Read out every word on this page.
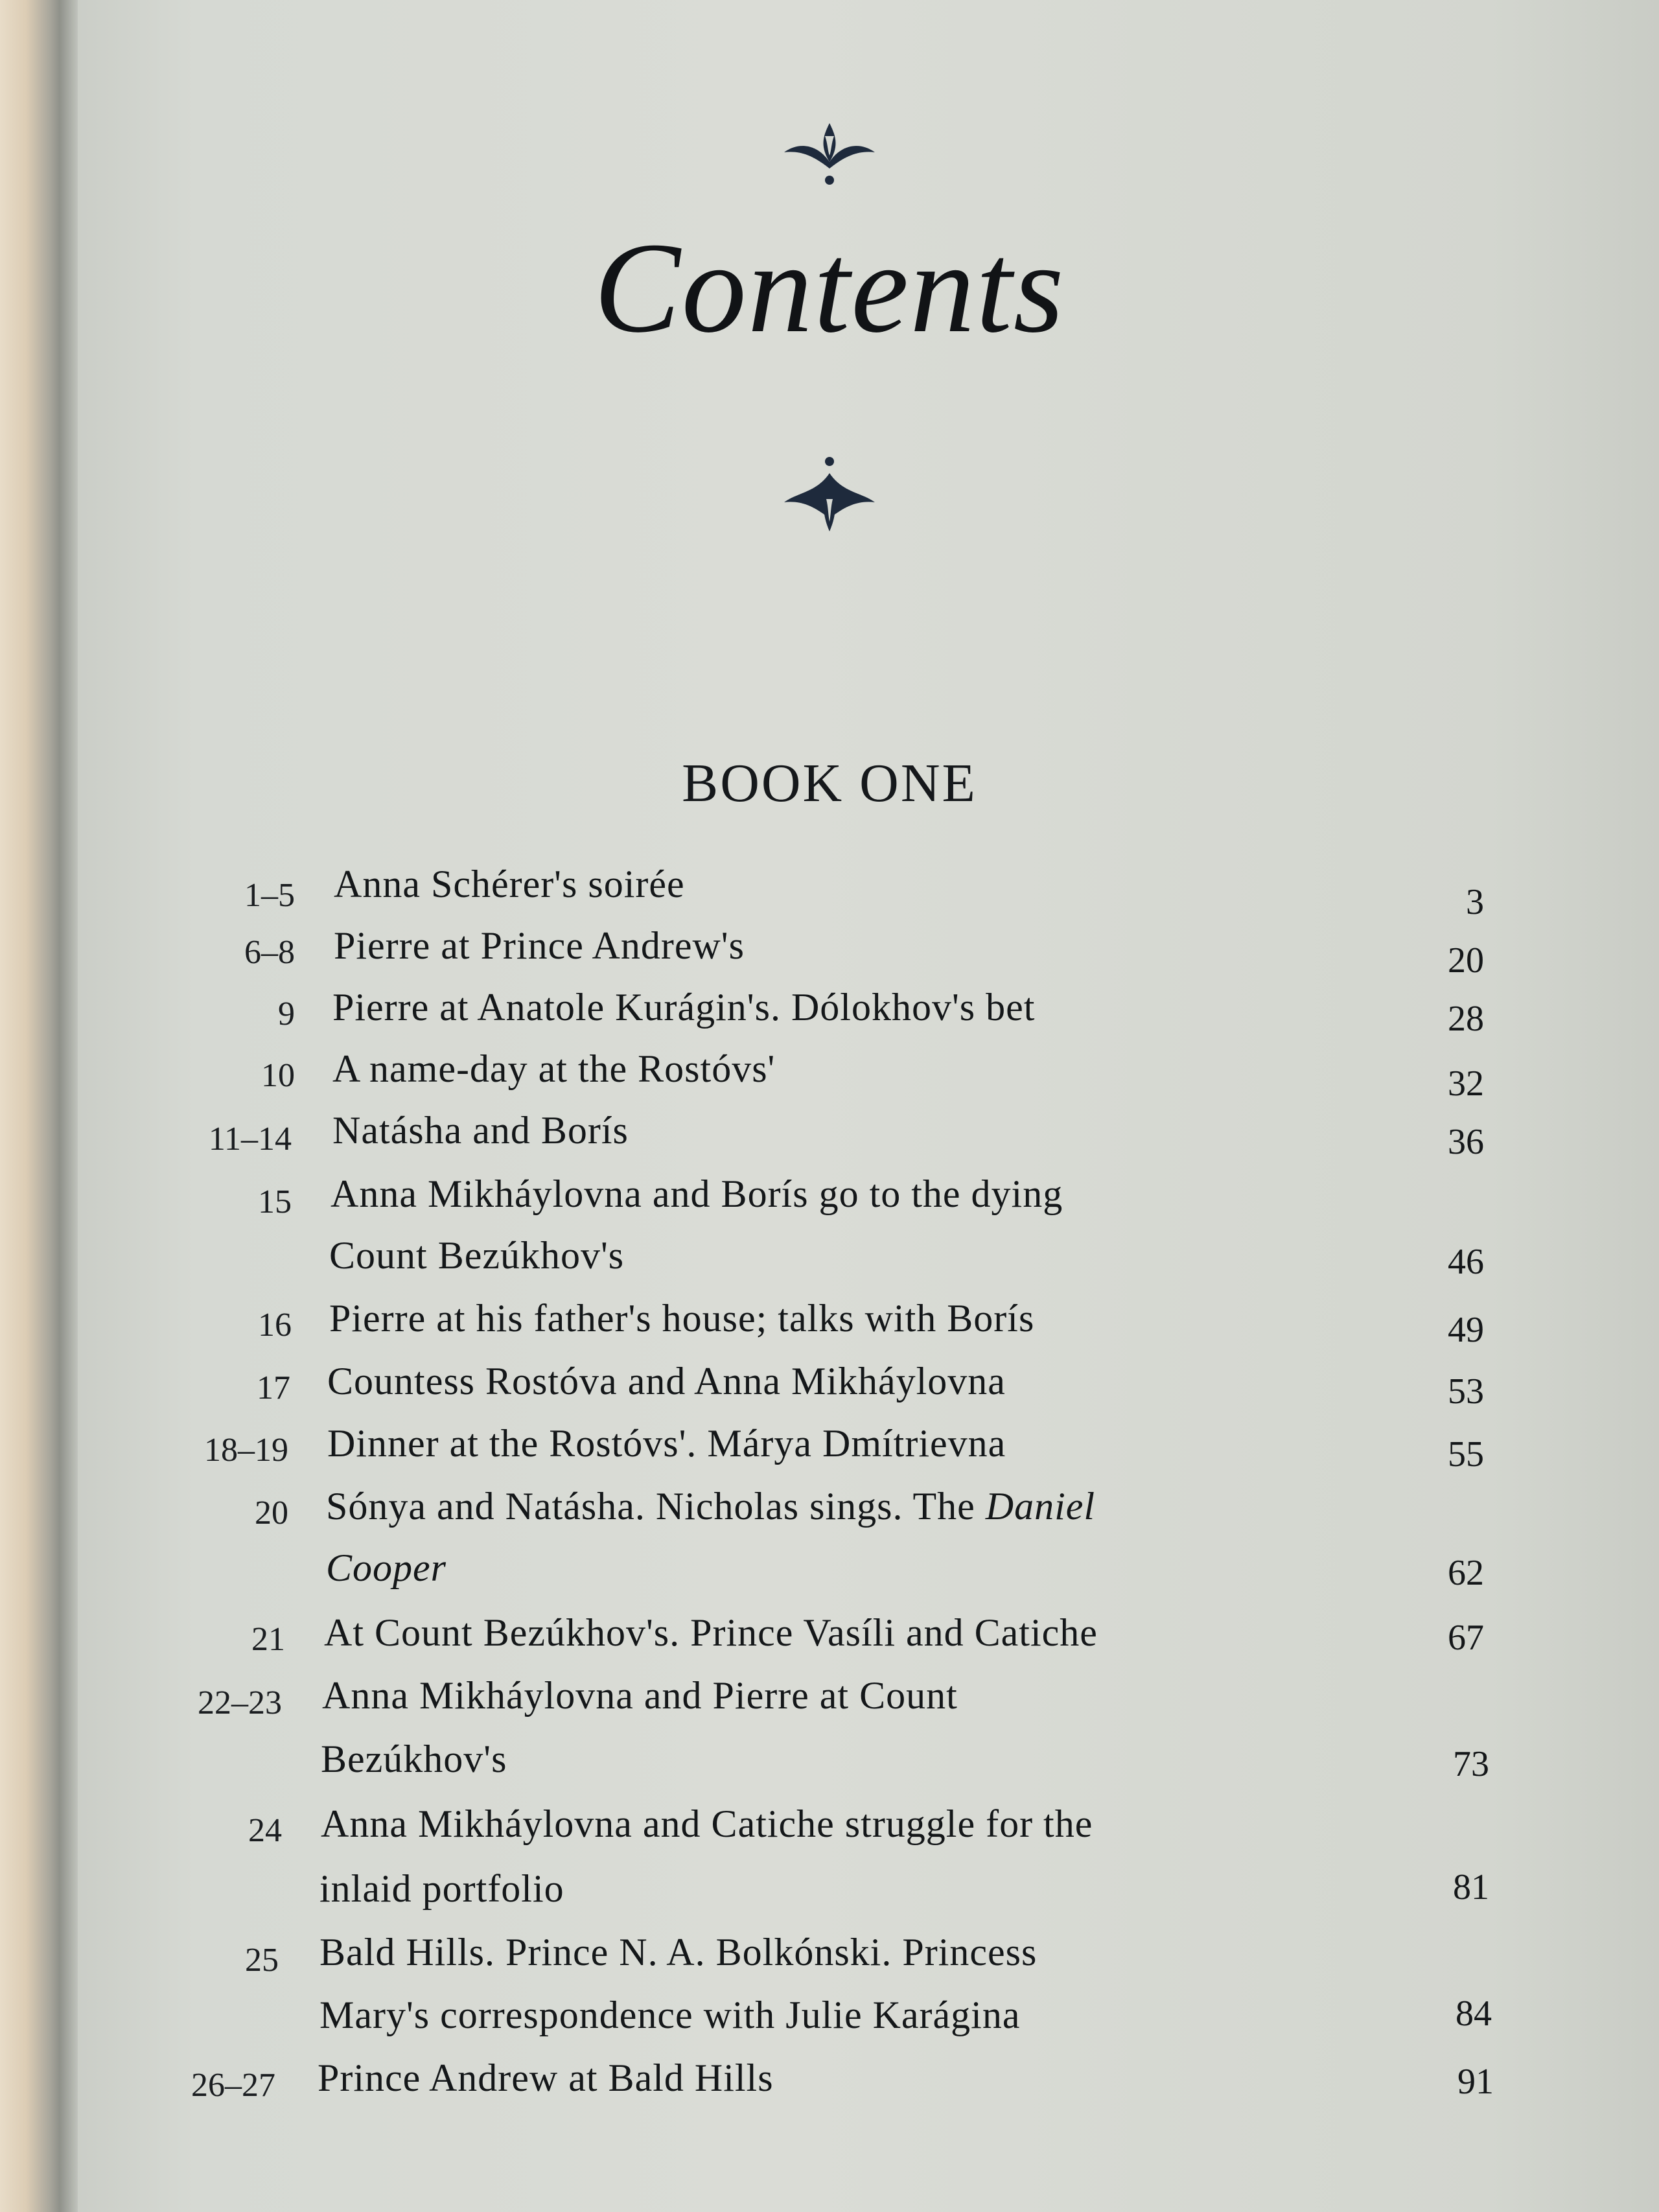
Contents
BOOK ONE
1–5 Anna Schérer's soirée	3
6–8 Pierre at Prince Andrew's	20
9 Pierre at Anatole Kurágin's. Dólokhov's bet	28
10 A name-day at the Rostóvs'	32
11–14 Natásha and Borís	36
15 Anna Mikháylovna and Borís go to the dying
Count Bezúkhov's	46
16 Pierre at his father's house; talks with Borís	49
17 Countess Rostóva and Anna Mikháylovna	53
18–19 Dinner at the Rostóvs'. Márya Dmítrievna	55
20 Sónya and Natásha. Nicholas sings. The Daniel
Cooper	62
21 At Count Bezúkhov's. Prince Vasíli and Catiche	67
22–23 Anna Mikháylovna and Pierre at Count
Bezúkhov's	73
24 Anna Mikháylovna and Catiche struggle for the
inlaid portfolio	81
25 Bald Hills. Prince N. A. Bolkónski. Princess
Mary's correspondence with Julie Karágina	84
26–27 Prince Andrew at Bald Hills	91
